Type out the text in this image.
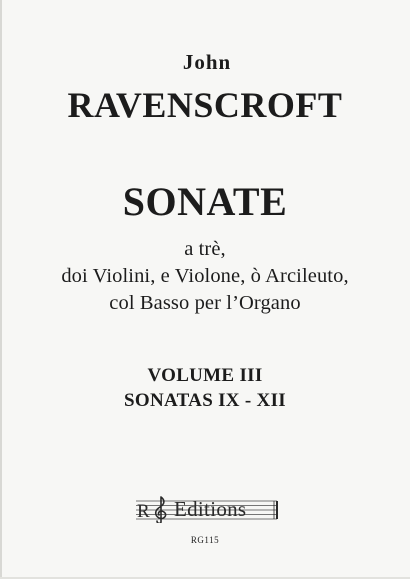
John
RAVENSCROFT
SONATE
a trè,
doi Violini, e Violone, ò Arcileuto,
col Basso per l’Organo
VOLUME III
SONATAS IX - XII
R Editions
RG115
